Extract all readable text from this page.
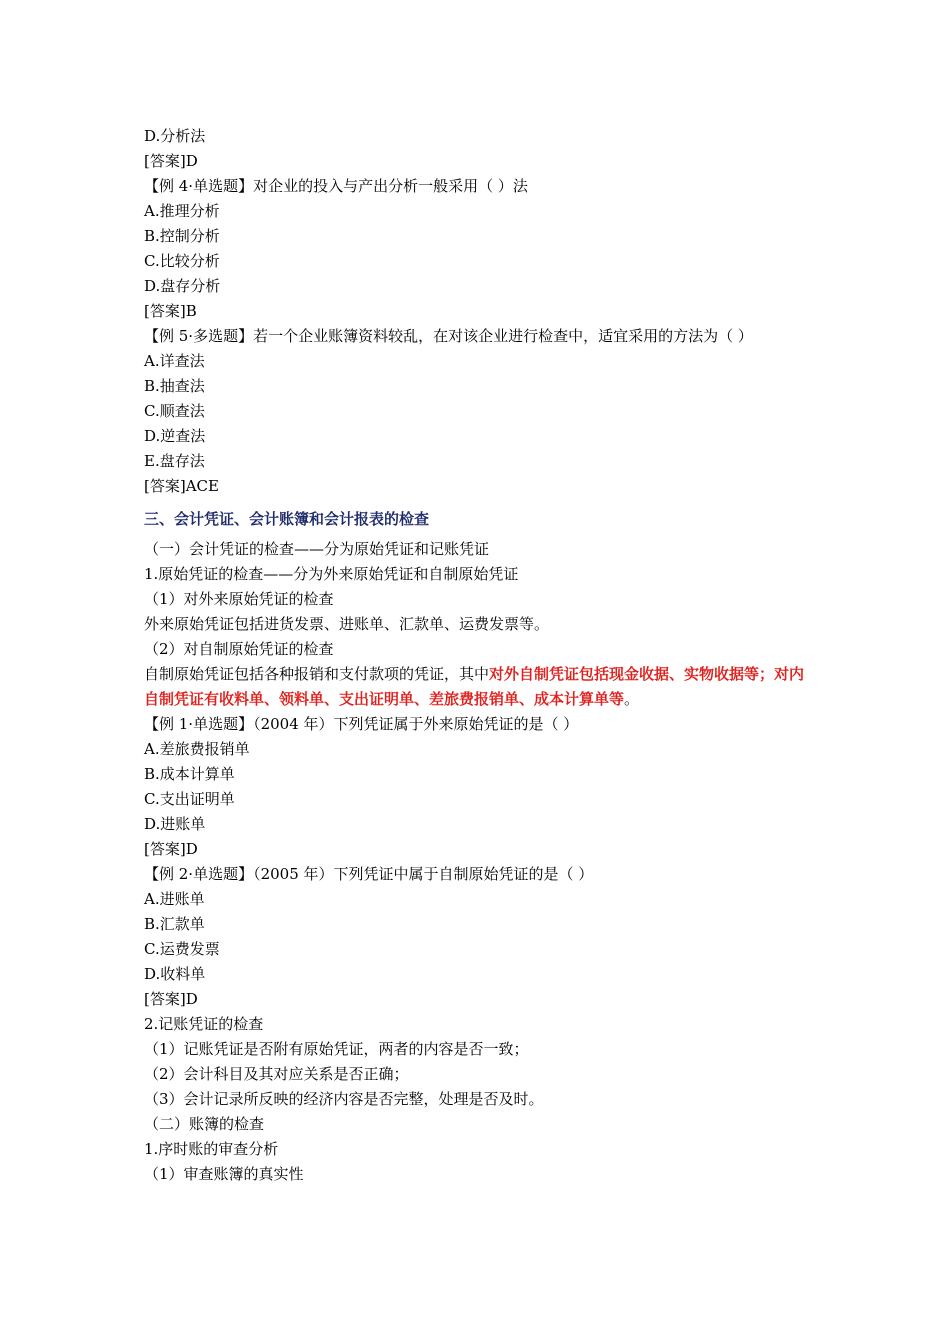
D.分析法
[答案]D
【例 4·单选题】对企业的投入与产出分析一般采用（ ）法
A.推理分析
B.控制分析
C.比较分析
D.盘存分析
[答案]B
【例 5·多选题】若一个企业账簿资料较乱，在对该企业进行检查中，适宜采用的方法为（ ）
A.详查法
B.抽查法
C.顺查法
D.逆查法
E.盘存法
[答案]ACE
三、会计凭证、会计账簿和会计报表的检查
（一）会计凭证的检查——分为原始凭证和记账凭证
1.原始凭证的检查——分为外来原始凭证和自制原始凭证
（1）对外来原始凭证的检查
外来原始凭证包括进货发票、进账单、汇款单、运费发票等。
（2）对自制原始凭证的检查
自制原始凭证包括各种报销和支付款项的凭证，其中对外自制凭证包括现金收据、实物收据等；对内自制凭证有收料单、领料单、支出证明单、差旅费报销单、成本计算单等。
【例 1·单选题】（2004 年）下列凭证属于外来原始凭证的是（ ）
A.差旅费报销单
B.成本计算单
C.支出证明单
D.进账单
[答案]D
【例 2·单选题】（2005 年）下列凭证中属于自制原始凭证的是（ ）
A.进账单
B.汇款单
C.运费发票
D.收料单
[答案]D
2.记账凭证的检查
（1）记账凭证是否附有原始凭证，两者的内容是否一致；
（2）会计科目及其对应关系是否正确；
（3）会计记录所反映的经济内容是否完整，处理是否及时。
（二）账簿的检查
1.序时账的审查分析
（1）审查账簿的真实性
